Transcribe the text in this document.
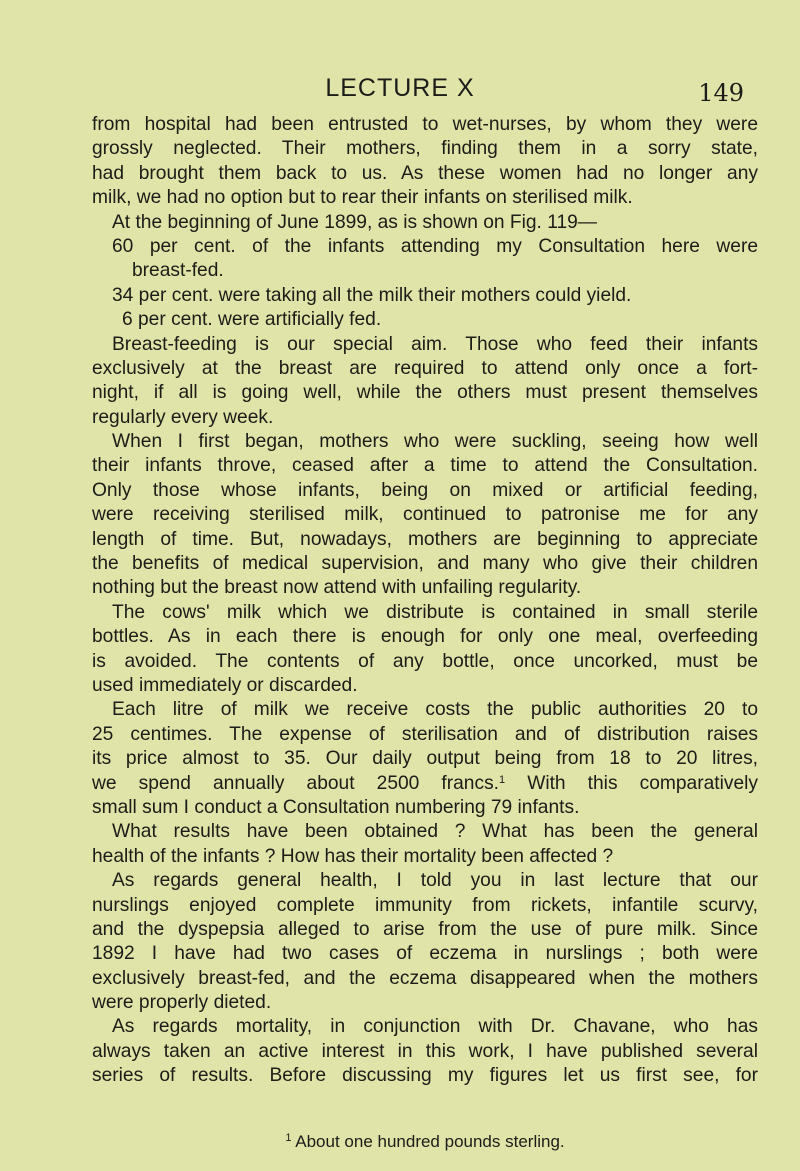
LECTURE X	149
from hospital had been entrusted to wet-nurses, by whom they were
grossly neglected. Their mothers, finding them in a sorry state,
had brought them back to us. As these women had no longer any
milk, we had no option but to rear their infants on sterilised milk.
At the beginning of June 1899, as is shown on Fig. 119—
60 per cent. of the infants attending my Consultation here were
breast-fed.
34 per cent. were taking all the milk their mothers could yield.
6 per cent. were artificially fed.
Breast-feeding is our special aim. Those who feed their infants
exclusively at the breast are required to attend only once a fort-
night, if all is going well, while the others must present themselves
regularly every week.
When I first began, mothers who were suckling, seeing how well
their infants throve, ceased after a time to attend the Consultation.
Only those whose infants, being on mixed or artificial feeding,
were receiving sterilised milk, continued to patronise me for any
length of time. But, nowadays, mothers are beginning to appreciate
the benefits of medical supervision, and many who give their children
nothing but the breast now attend with unfailing regularity.
The cows' milk which we distribute is contained in small sterile
bottles. As in each there is enough for only one meal, overfeeding
is avoided. The contents of any bottle, once uncorked, must be
used immediately or discarded.
Each litre of milk we receive costs the public authorities 20 to
25 centimes. The expense of sterilisation and of distribution raises
its price almost to 35. Our daily output being from 18 to 20 litres,
we spend annually about 2500 francs.$^1$ With this comparatively
small sum I conduct a Consultation numbering 79 infants.
What results have been obtained ? What has been the general
health of the infants ? How has their mortality been affected ?
As regards general health, I told you in last lecture that our
nurslings enjoyed complete immunity from rickets, infantile scurvy,
and the dyspepsia alleged to arise from the use of pure milk. Since
1892 I have had two cases of eczema in nurslings ; both were
exclusively breast-fed, and the eczema disappeared when the mothers
were properly dieted.
As regards mortality, in conjunction with Dr. Chavane, who has
always taken an active interest in this work, I have published several
series of results. Before discussing my figures let us first see, for
$^1$ About one hundred pounds sterling.
